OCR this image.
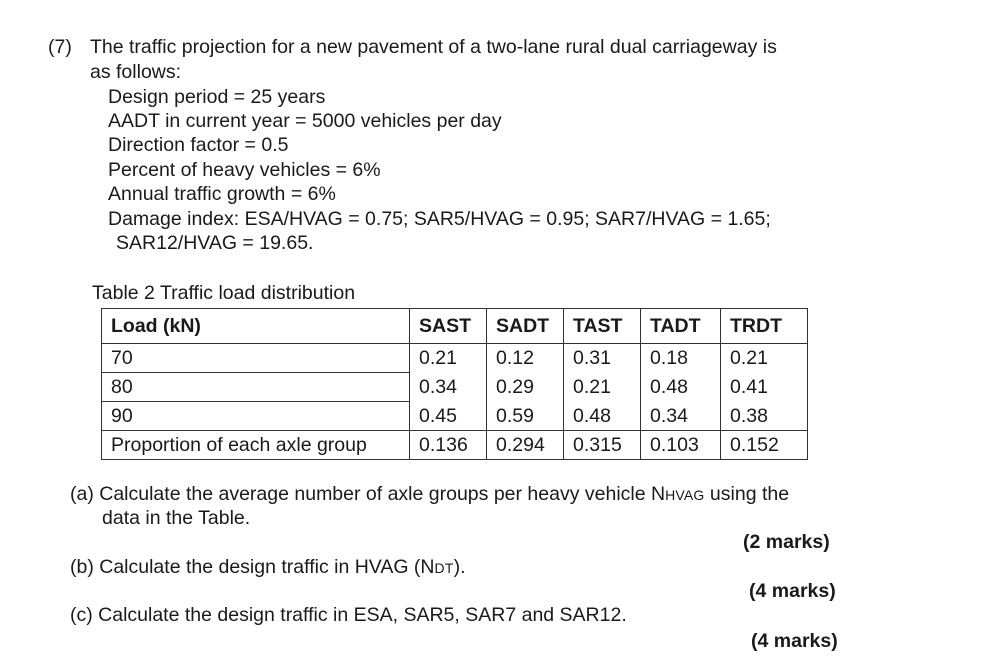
(7) The traffic projection for a new pavement of a two-lane rural dual carriageway is
as follows:
Design period = 25 years
AADT in current year = 5000 vehicles per day
Direction factor = 0.5
Percent of heavy vehicles = 6%
Annual traffic growth = 6%
Damage index: ESA/HVAG = 0.75; SAR5/HVAG = 0.95; SAR7/HVAG = 1.65;
SAR12/HVAG = 19.65.
Table 2 Traffic load distribution
Load (kN)	SAST	SADT	TAST	TADT	TRDT
70	0.21	0.12	0.31	0.18	0.21
80	0.34	0.29	0.21	0.48	0.41
90	0.45	0.59	0.48	0.34	0.38
Proportion of each axle group	0.136	0.294	0.315	0.103	0.152
(a) Calculate the average number of axle groups per heavy vehicle NHVAG using the
data in the Table.
(2 marks)
(b) Calculate the design traffic in HVAG (NDT).
(4 marks)
(c) Calculate the design traffic in ESA, SAR5, SAR7 and SAR12.
(4 marks)
